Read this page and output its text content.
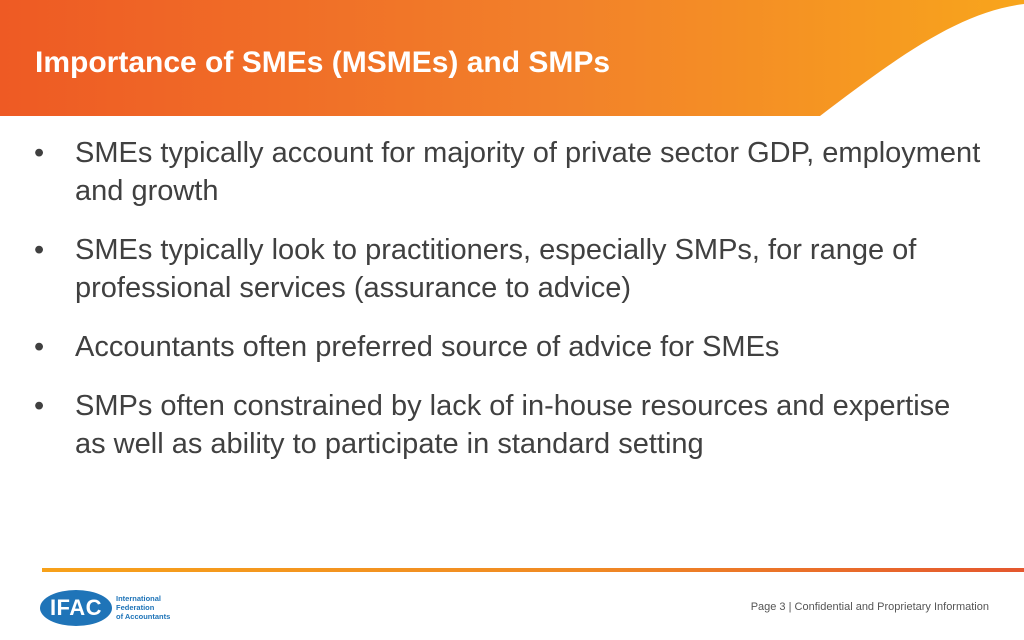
Importance of SMEs (MSMEs) and SMPs
•	SMEs typically account for majority of private sector GDP, employment and growth
•	SMEs typically look to practitioners, especially SMPs, for range of professional services (assurance to advice)
•	Accountants often preferred source of advice for SMEs
•	SMPs often constrained by lack of in-house resources and expertise as well as ability to participate in standard setting
IFAC	International
Federation
of Accountants
Page 3 | Confidential and Proprietary Information
